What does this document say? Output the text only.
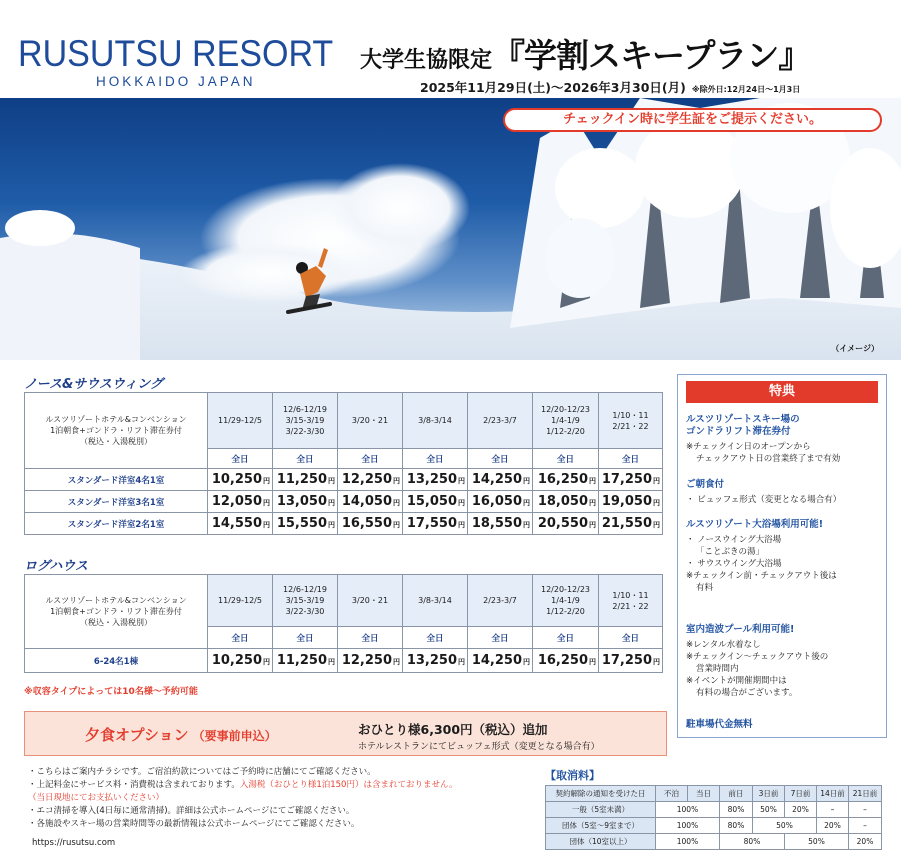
RUSUTSU RESORT
HOKKAIDO JAPAN
大学生協限定 『学割スキープラン』
2025年11月29日(土)～2026年3月30日(月) ※除外日:12月24日～1月3日
チェックイン時に学生証をご提示ください。
（イメージ）
ノース&サウスウィング
ルスツリゾートホテル&コンベンション
1泊朝食+ゴンドラ・リフト滞在券付
（税込・入湯税別）	11/29-12/5	12/6-12/19
3/15-3/19
3/22-3/30	3/20・21	3/8-3/14	2/23-3/7	12/20-12/23
1/4-1/9
1/12-2/20	1/10・11
2/21・22
	全日	全日	全日	全日	全日	全日	全日
スタンダード洋室4名1室	10,250円	11,250円	12,250円	13,250円	14,250円	16,250円	17,250円
スタンダード洋室3名1室	12,050円	13,050円	14,050円	15,050円	16,050円	18,050円	19,050円
スタンダード洋室2名1室	14,550円	15,550円	16,550円	17,550円	18,550円	20,550円	21,550円
ログハウス
ルスツリゾートホテル&コンベンション
1泊朝食+ゴンドラ・リフト滞在券付
（税込・入湯税別）	11/29-12/5	12/6-12/19
3/15-3/19
3/22-3/30	3/20・21	3/8-3/14	2/23-3/7	12/20-12/23
1/4-1/9
1/12-2/20	1/10・11
2/21・22
	全日	全日	全日	全日	全日	全日	全日
6-24名1棟	10,250円	11,250円	12,250円	13,250円	14,250円	16,250円	17,250円
※収容タイプによっては10名様～予約可能
夕食オプション （要事前申込）	おひとり様6,300円（税込）追加
ホテルレストランにてビュッフェ形式（変更となる場合有）
・こちらはご案内チラシです。ご宿泊約款についてはご予約時に店舗にてご確認ください。
・上記料金にサービス料・消費税は含まれております。入湯税（おひとり様1泊150円）は含まれておりません。
（当日現地にてお支払いください）
・エコ清掃を導入(4日毎に通常清掃)。詳細は公式ホームページにてご確認ください。
・各施設やスキー場の営業時間等の最新情報は公式ホームページにてご確認ください。
https://rusutsu.com
特典
ルスツリゾートスキー場の
ゴンドラリフト滞在券付
※チェックイン日のオープンから
チェックアウト日の営業終了まで有効
ご朝食付
・ ビュッフェ形式（変更となる場合有）
ルスツリゾート大浴場利用可能!
・ ノースウイング大浴場
「ことぶきの湯」
・ サウスウイング大浴場
※チェックイン前・チェックアウト後は
有料
室内造波プール利用可能!
※レンタル水着なし
※チェックイン～チェックアウト後の
営業時間内
※イベントが開催期間中は
有料の場合がございます。
駐車場代金無料
【取消料】
契約解除の通知を受けた日	不泊	当日	前日	3日前	7日前	14日前	21日前
一般（5室未満）	100%		80%	50%	20%	–	–
団体（5室～9室まで）	100%		80%	50%		20%	–
団体（10室以上）	100%		80%		50%		20%
